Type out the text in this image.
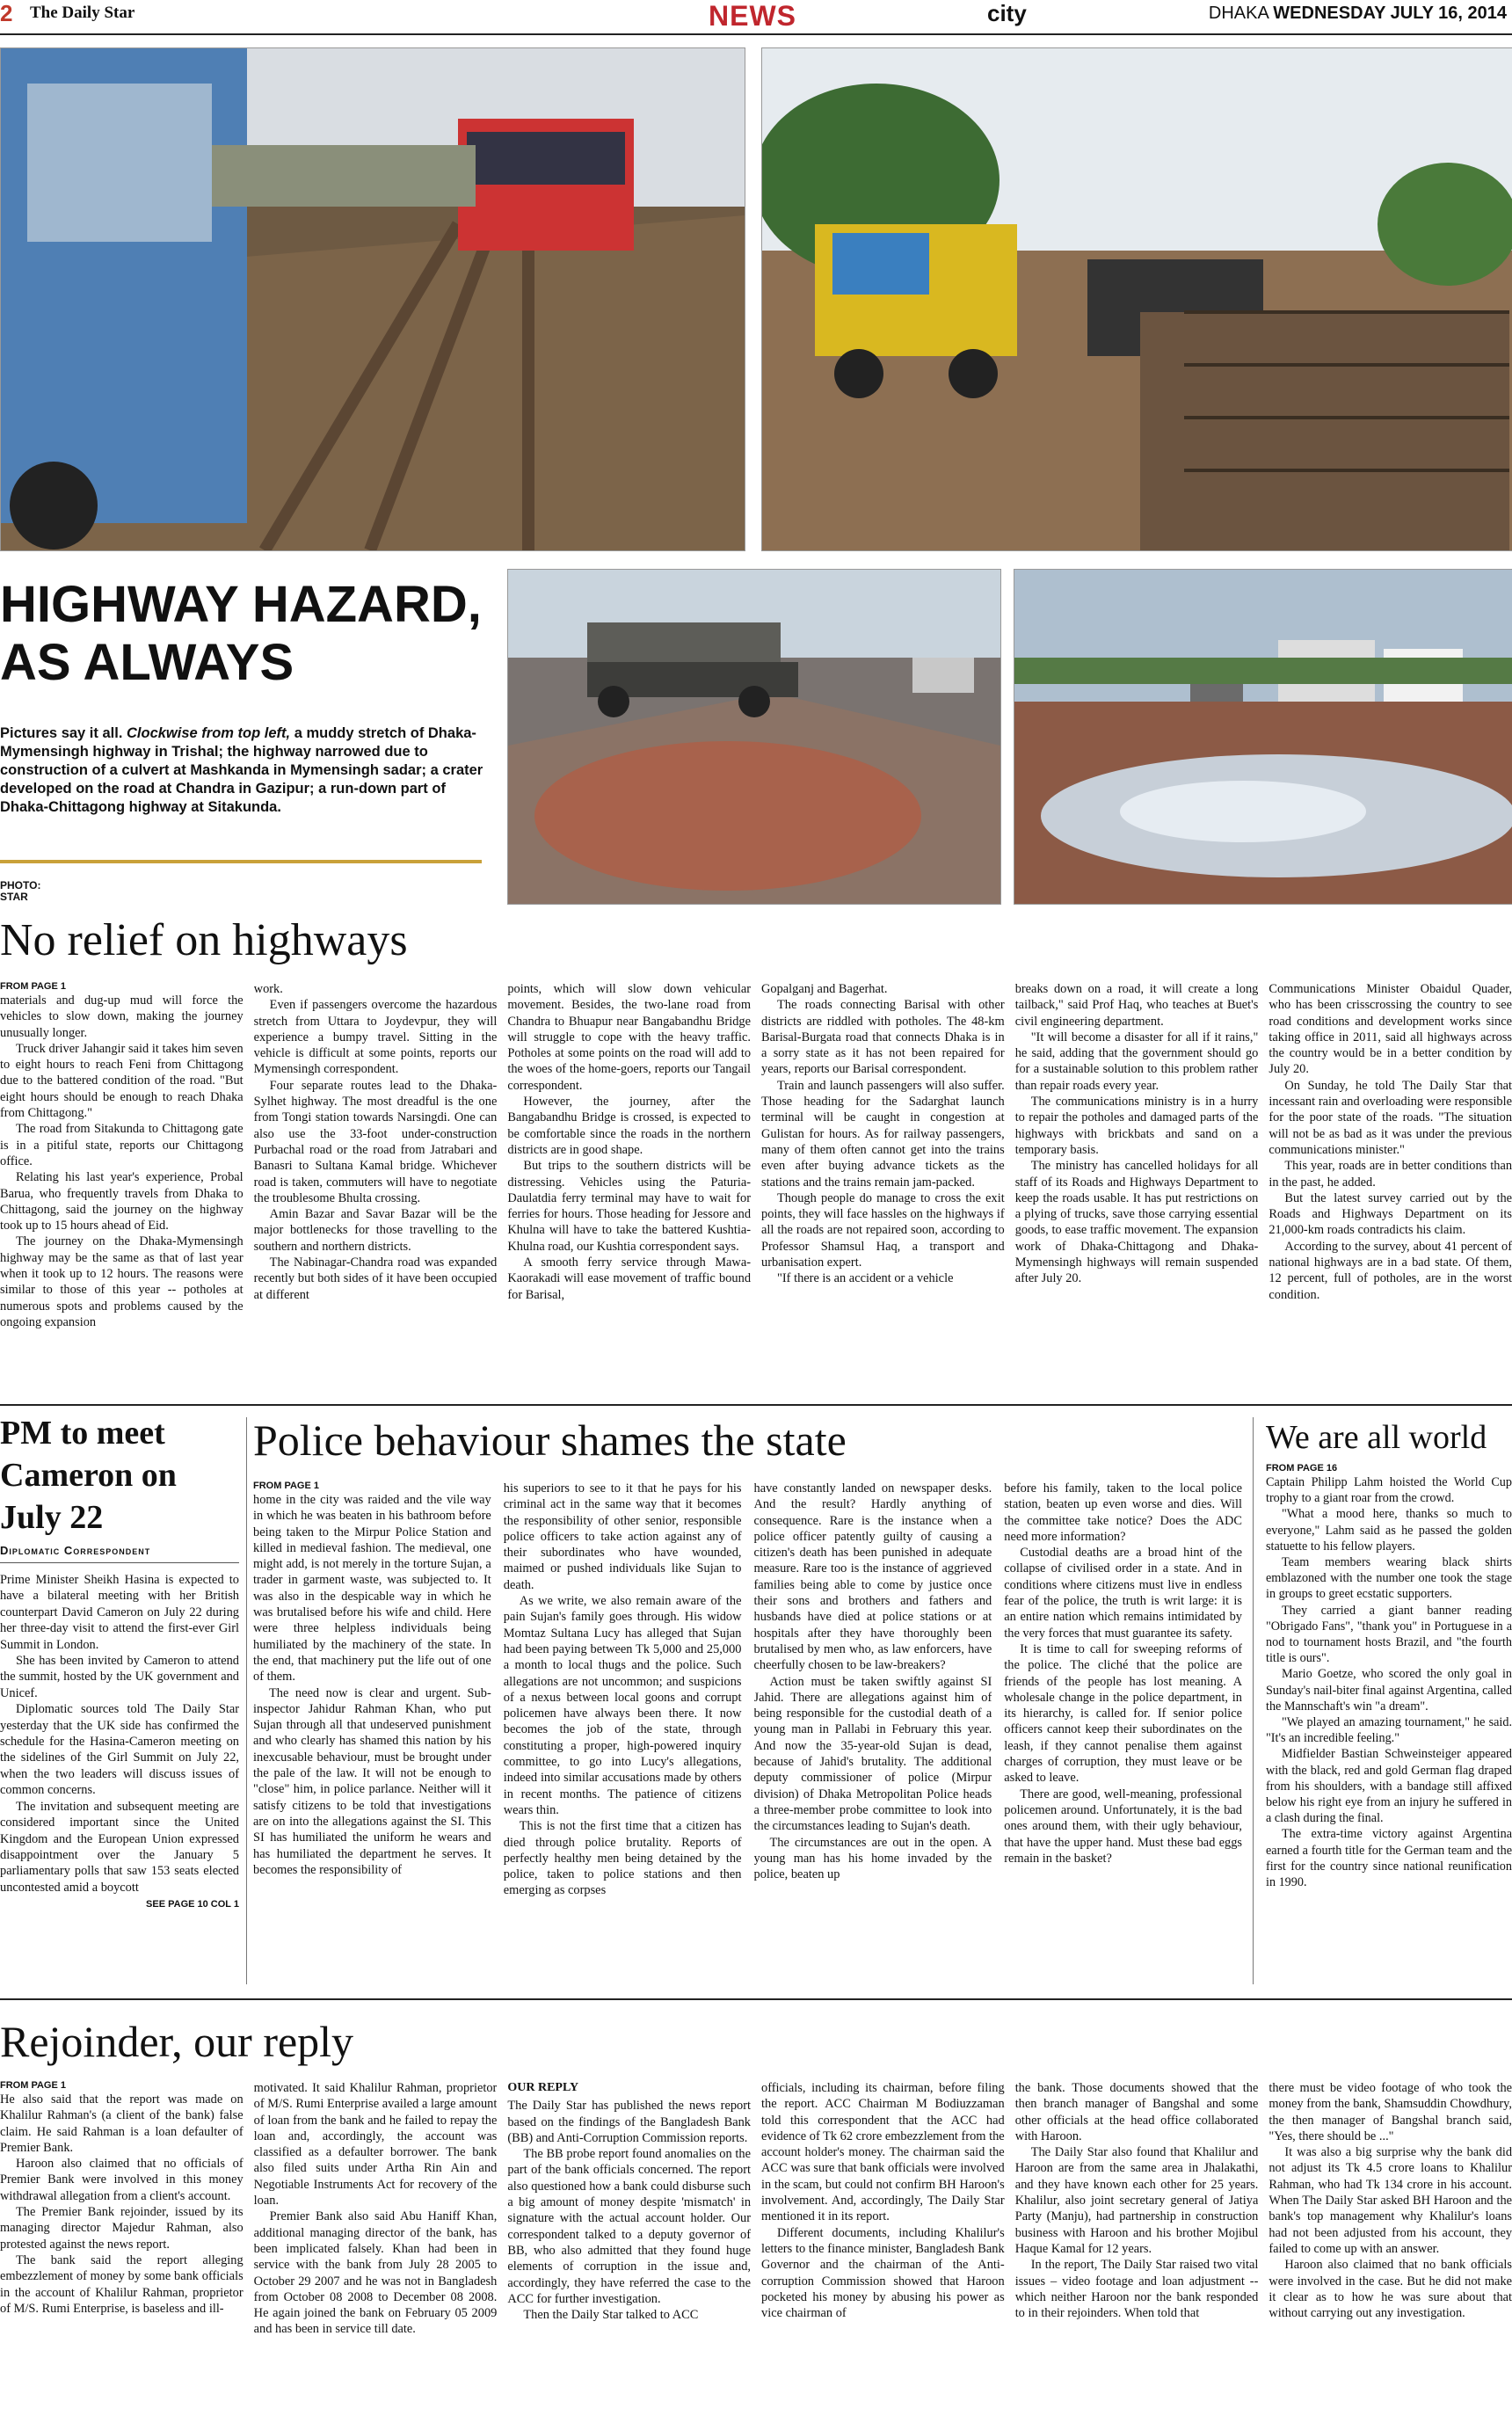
2 The Daily Star	NEWS	city	DHAKA WEDNESDAY JULY 16, 2014
HIGHWAY HAZARD, AS ALWAYS
Pictures say it all. Clockwise from top left, a muddy stretch of Dhaka-Mymensingh highway in Trishal; the highway narrowed due to construction of a culvert at Mashkanda in Mymensingh sadar; a crater developed on the road at Chandra in Gazipur; a run-down part of Dhaka-Chittagong highway at Sitakunda.
PHOTO:
STAR
No relief on highways
FROM PAGE 1

materials and dug-up mud will force the vehicles to slow down, making the journey unusually longer.

Truck driver Jahangir said it takes him seven to eight hours to reach Feni from Chittagong due to the battered condition of the road. "But eight hours should be enough to reach Dhaka from Chittagong."

The road from Sitakunda to Chittagong gate is in a pitiful state, reports our Chittagong office.

Relating his last year's experience, Probal Barua, who frequently travels from Dhaka to Chittagong, said the journey on the highway took up to 15 hours ahead of Eid.

The journey on the Dhaka-Mymensingh highway may be the same as that of last year when it took up to 12 hours. The reasons were similar to those of this year -- potholes at numerous spots and problems caused by the ongoing expansion

work.

Even if passengers overcome the hazardous stretch from Uttara to Joydevpur, they will experience a bumpy travel. Sitting in the vehicle is difficult at some points, reports our Mymensingh correspondent.

Four separate routes lead to the Dhaka-Sylhet highway. The most dreadful is the one from Tongi station towards Narsingdi. One can also use the 33-foot under-construction Purbachal road or the road from Jatrabari and Banasri to Sultana Kamal bridge. Whichever road is taken, commuters will have to negotiate the troublesome Bhulta crossing.

Amin Bazar and Savar Bazar will be the major bottlenecks for those travelling to the southern and northern districts.

The Nabinagar-Chandra road was expanded recently but both sides of it have been occupied at different

points, which will slow down vehicular movement. Besides, the two-lane road from Chandra to Bhuapur near Bangabandhu Bridge will struggle to cope with the heavy traffic. Potholes at some points on the road will add to the woes of the home-goers, reports our Tangail correspondent.

However, the journey, after the Bangabandhu Bridge is crossed, is expected to be comfortable since the roads in the northern districts are in good shape.

But trips to the southern districts will be distressing. Vehicles using the Paturia-Daulatdia ferry terminal may have to wait for ferries for hours. Those heading for Jessore and Khulna will have to take the battered Kushtia-Khulna road, our Kushtia correspondent says.

A smooth ferry service through Mawa-Kaorakadi will ease movement of traffic bound for Barisal,

Gopalganj and Bagerhat.

The roads connecting Barisal with other districts are riddled with potholes. The 48-km Barisal-Burgata road that connects Dhaka is in a sorry state as it has not been repaired for years, reports our Barisal correspondent.

Train and launch passengers will also suffer. Those heading for the Sadarghat launch terminal will be caught in congestion at Gulistan for hours. As for railway passengers, many of them often cannot get into the trains even after buying advance tickets as the stations and the trains remain jam-packed.

Though people do manage to cross the exit points, they will face hassles on the highways if all the roads are not repaired soon, according to Professor Shamsul Haq, a transport and urbanisation expert.

"If there is an accident or a vehicle

breaks down on a road, it will create a long tailback," said Prof Haq, who teaches at Buet's civil engineering department.

"It will become a disaster for all if it rains," he said, adding that the government should go for a sustainable solution to this problem rather than repair roads every year.

The communications ministry is in a hurry to repair the potholes and damaged parts of the highways with brickbats and sand on a temporary basis.

The ministry has cancelled holidays for all staff of its Roads and Highways Department to keep the roads usable. It has put restrictions on a plying of trucks, save those carrying essential goods, to ease traffic movement. The expansion work of Dhaka-Chittagong and Dhaka-Mymensingh highways will remain suspended after July 20.

Communications Minister Obaidul Quader, who has been crisscrossing the country to see road conditions and development works since taking office in 2011, said all highways across the country would be in a better condition by July 20.

On Sunday, he told The Daily Star that incessant rain and overloading were responsible for the poor state of the roads. "The situation will not be as bad as it was under the previous communications minister."

This year, roads are in better conditions than in the past, he added.

But the latest survey carried out by the Roads and Highways Department on its 21,000-km roads contradicts his claim.

According to the survey, about 41 percent of national highways are in a bad state. Of them, 12 percent, full of potholes, are in the worst condition.

PM to meet Cameron on July 22
Diplomatic Correspondent

Prime Minister Sheikh Hasina is expected to have a bilateral meeting with her British counterpart David Cameron on July 22 during her three-day visit to attend the first-ever Girl Summit in London.

She has been invited by Cameron to attend the summit, hosted by the UK government and Unicef.

Diplomatic sources told The Daily Star yesterday that the UK side has confirmed the schedule for the Hasina-Cameron meeting on the sidelines of the Girl Summit on July 22, when the two leaders will discuss issues of common concerns.

The invitation and subsequent meeting are considered important since the United Kingdom and the European Union expressed disappointment over the January 5 parliamentary polls that saw 153 seats elected uncontested amid a boycott

SEE PAGE 10 COL 1
Police behaviour shames the state
FROM PAGE 1

home in the city was raided and the vile way in which he was beaten in his bathroom before being taken to the Mirpur Police Station and killed in medieval fashion. The medieval, one might add, is not merely in the torture Sujan, a trader in garment waste, was subjected to. It was also in the despicable way in which he was brutalised before his wife and child. Here were three helpless individuals being humiliated by the machinery of the state. In the end, that machinery put the life out of one of them.

The need now is clear and urgent. Sub-inspector Jahidur Rahman Khan, who put Sujan through all that undeserved punishment and who clearly has shamed this nation by his inexcusable behaviour, must be brought under the pale of the law. It will not be enough to "close" him, in police parlance. Neither will it satisfy citizens to be told that investigations are on into the allegations against the SI. This SI has humiliated the uniform he wears and has humiliated the department he serves. It becomes the responsibility of

his superiors to see to it that he pays for his criminal act in the same way that it becomes the responsibility of other senior, responsible police officers to take action against any of their subordinates who have wounded, maimed or pushed individuals like Sujan to death.

As we write, we also remain aware of the pain Sujan's family goes through. His widow Momtaz Sultana Lucy has alleged that Sujan had been paying between Tk 5,000 and 25,000 a month to local thugs and the police. Such allegations are not uncommon; and suspicions of a nexus between local goons and corrupt policemen have always been there. It now becomes the job of the state, through constituting a proper, high-powered inquiry committee, to go into Lucy's allegations, indeed into similar accusations made by others in recent months. The patience of citizens wears thin.

This is not the first time that a citizen has died through police brutality. Reports of perfectly healthy men being detained by the police, taken to police stations and then emerging as corpses

have constantly landed on newspaper desks. And the result? Hardly anything of consequence. Rare is the instance when a police officer patently guilty of causing a citizen's death has been punished in adequate measure. Rare too is the instance of aggrieved families being able to come by justice once their sons and brothers and fathers and husbands have died at police stations or at hospitals after they have thoroughly been brutalised by men who, as law enforcers, have cheerfully chosen to be law-breakers?

Action must be taken swiftly against SI Jahid. There are allegations against him of being responsible for the custodial death of a young man in Pallabi in February this year. And now the 35-year-old Sujan is dead, because of Jahid's brutality. The additional deputy commissioner of police (Mirpur division) of Dhaka Metropolitan Police heads a three-member probe committee to look into the circumstances leading to Sujan's death.

The circumstances are out in the open. A young man has his home invaded by the police, beaten up

before his family, taken to the local police station, beaten up even worse and dies. Will the committee take notice? Does the ADC need more information?

Custodial deaths are a broad hint of the collapse of civilised order in a state. And in conditions where citizens must live in endless fear of the police, the truth is writ large: it is an entire nation which remains intimidated by the very forces that must guarantee its safety.

It is time to call for sweeping reforms of the police. The cliché that the police are friends of the people has lost meaning. A wholesale change in the police department, in its hierarchy, is called for. If senior police officers cannot keep their subordinates on the leash, if they cannot penalise them against charges of corruption, they must leave or be asked to leave.

There are good, well-meaning, professional policemen around. Unfortunately, it is the bad ones around them, with their ugly behaviour, that have the upper hand. Must these bad eggs remain in the basket?

We are all world
FROM PAGE 16

Captain Philipp Lahm hoisted the World Cup trophy to a giant roar from the crowd.

"What a mood here, thanks so much to everyone," Lahm said as he passed the golden statuette to his fellow players.

Team members wearing black shirts emblazoned with the number one took the stage in groups to greet ecstatic supporters.

They carried a giant banner reading "Obrigado Fans", "thank you" in Portuguese in a nod to tournament hosts Brazil, and "the fourth title is ours".

Mario Goetze, who scored the only goal in Sunday's nail-biter final against Argentina, called the Mannschaft's win "a dream".

"We played an amazing tournament," he said. "It's an incredible feeling."

Midfielder Bastian Schweinsteiger appeared with the black, red and gold German flag draped from his shoulders, with a bandage still affixed below his right eye from an injury he suffered in a clash during the final.

The extra-time victory against Argentina earned a fourth title for the German team and the first for the country since national reunification in 1990.

Rejoinder, our reply
FROM PAGE 1

He also said that the report was made on Khalilur Rahman's (a client of the bank) false claim. He said Rahman is a loan defaulter of Premier Bank.

Haroon also claimed that no officials of Premier Bank were involved in this money withdrawal allegation from a client's account.

The Premier Bank rejoinder, issued by its managing director Majedur Rahman, also protested against the news report.

The bank said the report alleging embezzlement of money by some bank officials in the account of Khalilur Rahman, proprietor of M/S. Rumi Enterprise, is baseless and ill-

motivated. It said Khalilur Rahman, proprietor of M/S. Rumi Enterprise availed a large amount of loan from the bank and he failed to repay the loan and, accordingly, the account was classified as a defaulter borrower. The bank also filed suits under Artha Rin Ain and Negotiable Instruments Act for recovery of the loan.

Premier Bank also said Abu Haniff Khan, additional managing director of the bank, has been implicated falsely. Khan had been in service with the bank from July 28 2005 to October 29 2007 and he was not in Bangladesh from October 08 2008 to December 08 2008. He again joined the bank on February 05 2009 and has been in service till date.

OUR REPLY

The Daily Star has published the news report based on the findings of the Bangladesh Bank (BB) and Anti-Corruption Commission reports.

The BB probe report found anomalies on the part of the bank officials concerned. The report also questioned how a bank could disburse such a big amount of money despite 'mismatch' in signature with the actual account holder. Our correspondent talked to a deputy governor of BB, who also admitted that they found huge elements of corruption in the issue and, accordingly, they have referred the case to the ACC for further investigation.

Then the Daily Star talked to ACC

officials, including its chairman, before filing the report. ACC Chairman M Bodiuzzaman told this correspondent that the ACC had evidence of Tk 62 crore embezzlement from the account holder's money. The chairman said the ACC was sure that bank officials were involved in the scam, but could not confirm BH Haroon's involvement. And, accordingly, The Daily Star mentioned it in its report.

Different documents, including Khalilur's letters to the finance minister, Bangladesh Bank Governor and the chairman of the Anti-corruption Commission showed that Haroon pocketed his money by abusing his power as vice chairman of

the bank. Those documents showed that the then branch manager of Bangshal and some other officials at the head office collaborated with Haroon.

The Daily Star also found that Khalilur and Haroon are from the same area in Jhalakathi, and they have known each other for 25 years. Khalilur, also joint secretary general of Jatiya Party (Manju), had partnership in construction business with Haroon and his brother Mojibul Haque Kamal for 12 years.

In the report, The Daily Star raised two vital issues – video footage and loan adjustment -- which neither Haroon nor the bank responded to in their rejoinders. When told that

there must be video footage of who took the money from the bank, Shamsuddin Chowdhury, the then manager of Bangshal branch said, "Yes, there should be ..."

It was also a big surprise why the bank did not adjust its Tk 4.5 crore loans to Khalilur Rahman, who had Tk 134 crore in his account. When The Daily Star asked BH Haroon and the bank's top management why Khalilur's loans had not been adjusted from his account, they failed to come up with an answer.

Haroon also claimed that no bank officials were involved in the case. But he did not make it clear as to how he was sure about that without carrying out any investigation.
